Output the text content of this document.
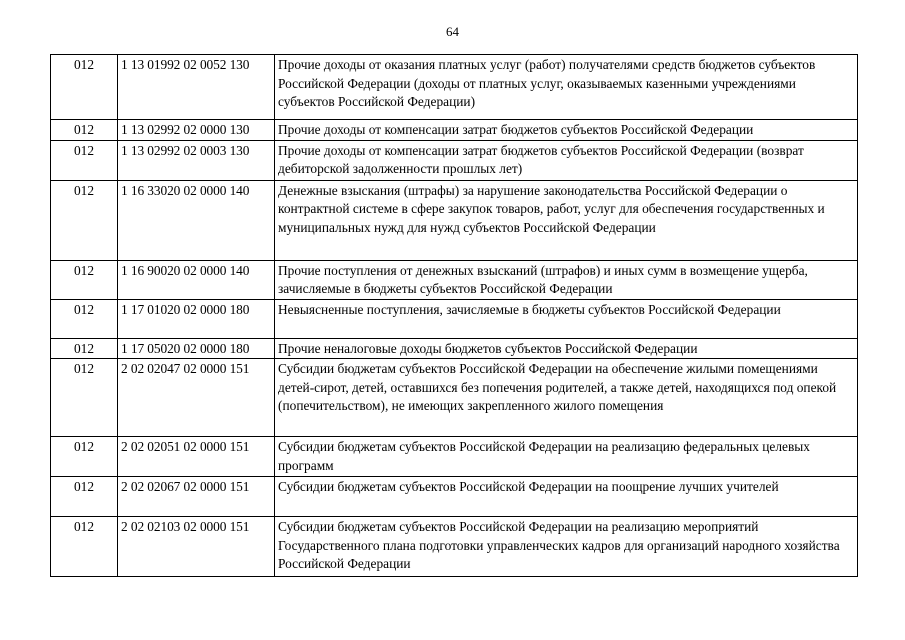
64
012	1 13 01992 02 0052 130	Прочие доходы от оказания платных услуг (работ) получателями средств бюджетов субъектов Российской Федерации (доходы от платных услуг, оказываемых казенными учреждениями субъектов Российской Федерации)
012	1 13 02992 02 0000 130	Прочие доходы от компенсации затрат бюджетов субъектов Российской Федерации
012	1 13 02992 02 0003 130	Прочие доходы от компенсации затрат бюджетов субъектов Российской Федерации (возврат дебиторской задолженности прошлых лет)
012	1 16 33020 02 0000 140	Денежные взыскания (штрафы) за нарушение законодательства Российской Федерации о контрактной системе в сфере закупок товаров, работ, услуг для обеспечения государственных и муниципальных нужд для нужд субъектов Российской Федерации
012	1 16 90020 02 0000 140	Прочие поступления от денежных взысканий (штрафов) и иных сумм в возмещение ущерба, зачисляемые в бюджеты субъектов Российской Федерации
012	1 17 01020 02 0000 180	Невыясненные поступления, зачисляемые в бюджеты субъектов Российской Федерации
012	1 17 05020 02 0000 180	Прочие неналоговые доходы бюджетов субъектов Российской Федерации
012	2 02 02047 02 0000 151	Субсидии бюджетам субъектов Российской Федерации на обеспечение жилыми помещениями детей-сирот, детей, оставшихся без попечения родителей, а также детей, находящихся под опекой (попечительством), не имеющих закрепленного жилого помещения
012	2 02 02051 02 0000 151	Субсидии бюджетам субъектов Российской Федерации на реализацию федеральных целевых программ
012	2 02 02067 02 0000 151	Субсидии бюджетам субъектов Российской Федерации на поощрение лучших учителей
012	2 02 02103 02 0000 151	Субсидии бюджетам субъектов Российской Федерации на реализацию мероприятий Государственного плана подготовки управленческих кадров для организаций народного хозяйства Российской Федерации
